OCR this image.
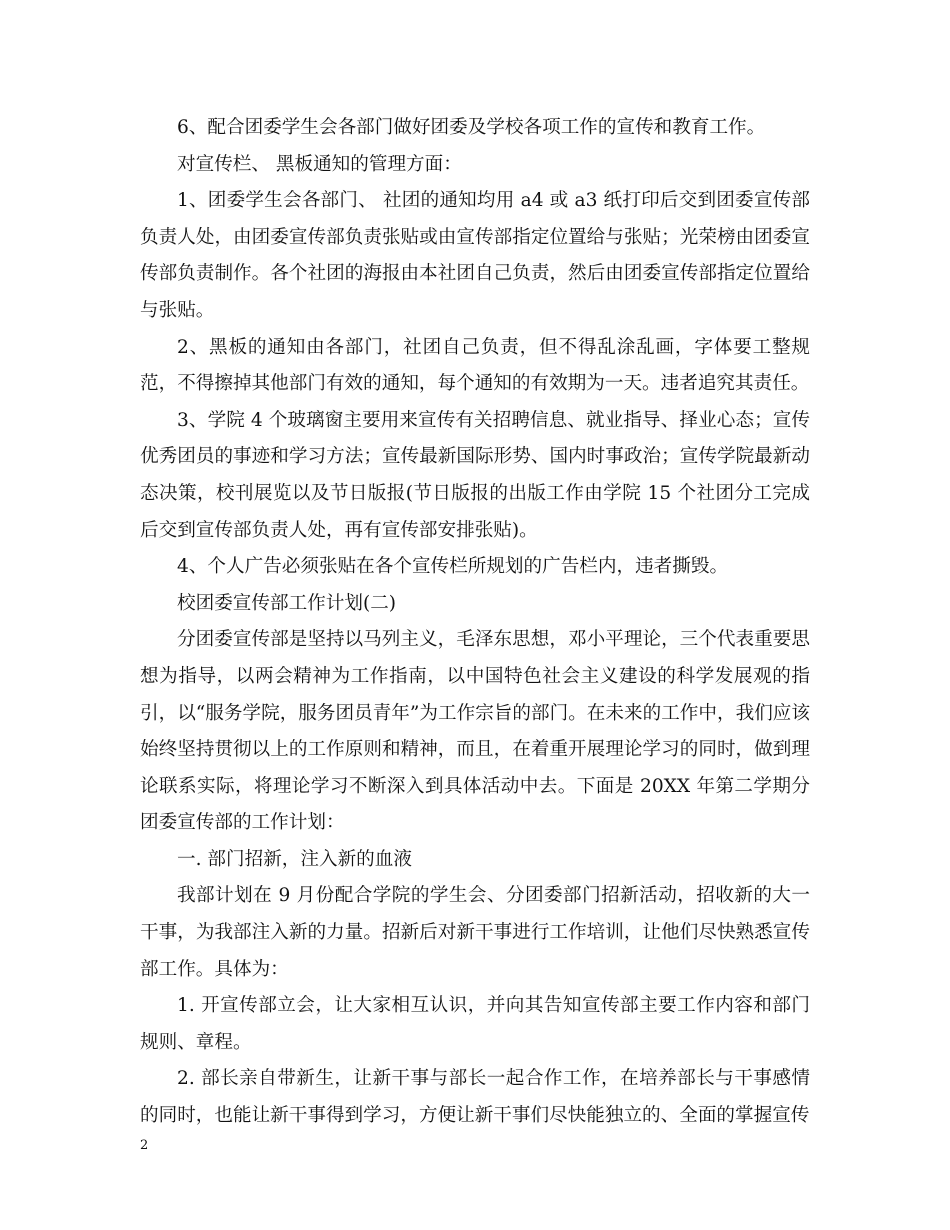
6、配合团委学生会各部门做好团委及学校各项工作的宣传和教育工作。

对宣传栏、 黑板通知的管理方面：

1、团委学生会各部门、 社团的通知均用 a4 或 a3 纸打印后交到团委宣传部负责人处，由团委宣传部负责张贴或由宣传部指定位置给与张贴；光荣榜由团委宣传部负责制作。各个社团的海报由本社团自己负责，然后由团委宣传部指定位置给与张贴。

2、黑板的通知由各部门，社团自己负责，但不得乱涂乱画，字体要工整规范，不得擦掉其他部门有效的通知，每个通知的有效期为一天。违者追究其责任。

3、学院 4 个玻璃窗主要用来宣传有关招聘信息、就业指导、择业心态；宣传优秀团员的事迹和学习方法；宣传最新国际形势、国内时事政治；宣传学院最新动态决策，校刊展览以及节日版报(节日版报的出版工作由学院 15 个社团分工完成后交到宣传部负责人处，再有宣传部安排张贴)。

4、个人广告必须张贴在各个宣传栏所规划的广告栏内，违者撕毁。

校团委宣传部工作计划(二)

分团委宣传部是坚持以马列主义，毛泽东思想，邓小平理论，三个代表重要思想为指导，以两会精神为工作指南，以中国特色社会主义建设的科学发展观的指引，以“服务学院，服务团员青年”为工作宗旨的部门。在未来的工作中，我们应该始终坚持贯彻以上的工作原则和精神，而且，在着重开展理论学习的同时，做到理论联系实际，将理论学习不断深入到具体活动中去。下面是 20XX 年第二学期分团委宣传部的工作计划：

一. 部门招新，注入新的血液

我部计划在 9 月份配合学院的学生会、分团委部门招新活动，招收新的大一干事，为我部注入新的力量。招新后对新干事进行工作培训，让他们尽快熟悉宣传部工作。具体为：

1. 开宣传部立会，让大家相互认识，并向其告知宣传部主要工作内容和部门规则、章程。

2. 部长亲自带新生，让新干事与部长一起合作工作，在培养部长与干事感情的同时，也能让新干事得到学习，方便让新干事们尽快能独立的、全面的掌握宣传

2
